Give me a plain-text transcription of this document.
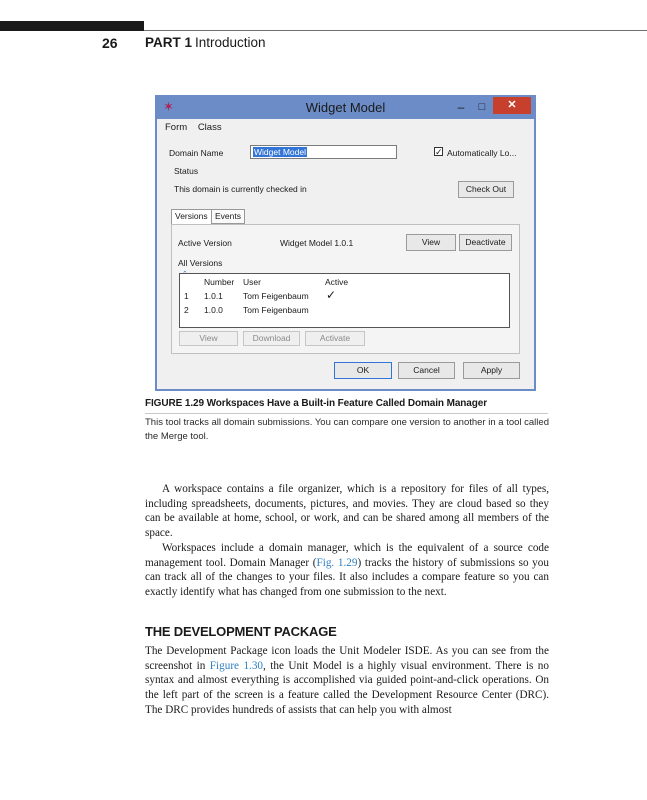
26 PART 1 Introduction
✶	Widget Model	–	□	✕
Form Class
Domain Name	Widget Model	✓ Automatically Lo...
Status
This domain is currently checked in	Check Out
Versions Events
Active Version	Widget Model 1.0.1	View	Deactivate
All Versions
⌃
Number User	Active
1 1.0.1 Tom Feigenbaum ✓
2 1.0.0 Tom Feigenbaum
View	Download	Activate
OK	Cancel	Apply
FIGURE 1.29 Workspaces Have a Built-in Feature Called Domain Manager
This tool tracks all domain submissions. You can compare one version to another in a tool called the Merge tool.

A workspace contains a file organizer, which is a repository for files of all types, including spreadsheets, documents, pictures, and movies. They are cloud based so they can be available at home, school, or work, and can be shared among all members of the space.

Workspaces include a domain manager, which is the equivalent of a source code management tool. Domain Manager (Fig. 1.29) tracks the history of submissions so you can track all of the changes to your files. It also includes a compare feature so you can exactly identify what has changed from one submission to the next.

THE DEVELOPMENT PACKAGE

The Development Package icon loads the Unit Modeler ISDE. As you can see from the screenshot in Figure 1.30, the Unit Model is a highly visual environment. There is no syntax and almost everything is accomplished via guided point-and-click operations. On the left part of the screen is a feature called the Development Resource Center (DRC). The DRC provides hundreds of assists that can help you with almost
